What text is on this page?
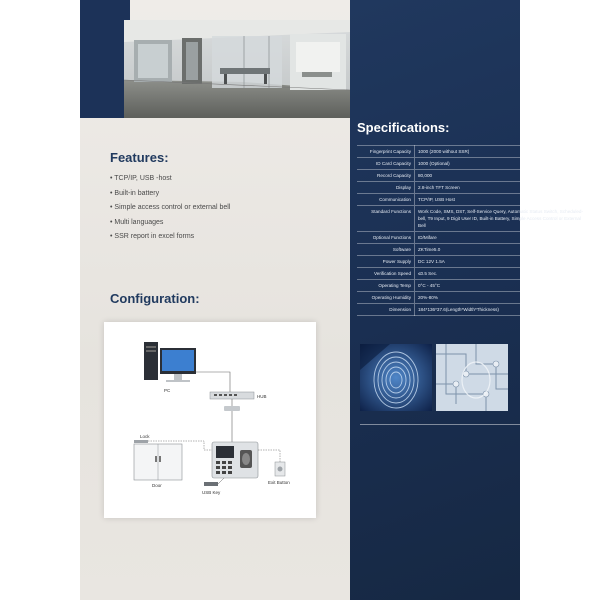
Features:
• TCP/IP, USB -host
• Built-in battery
• Simple access control or external bell
• Multi languages
• SSR report in excel forms
Configuration:
PC
HUB
Lock
Door
USB Key
Exit Button
Specifications:
Fingerprint Capacity	1000 (2000 without SSR)
ID Card Capacity	1000 (Optional)
Record Capacity	80,000
Display	2.8-inch TFT Screen
Communication	TCP/IP, USB Host
Standard Functions	Work Code, SMS, DST, Self-Service Query, Automatic Status Switch, Scheduled-bell, T9 Input, 9 Digit User ID, Built-in Battery, Simple Access Control or External Bell
Optional Functions	ID/Mifare
Software	ZKTime5.0
Power Supply	DC 12V 1.5A
Verification Speed	≤0.5 Sec.
Operating Temp	0°C - 45°C
Operating Humidity	20%-80%
Dimension	184*136*37.6(Length*Width*Thickness)
